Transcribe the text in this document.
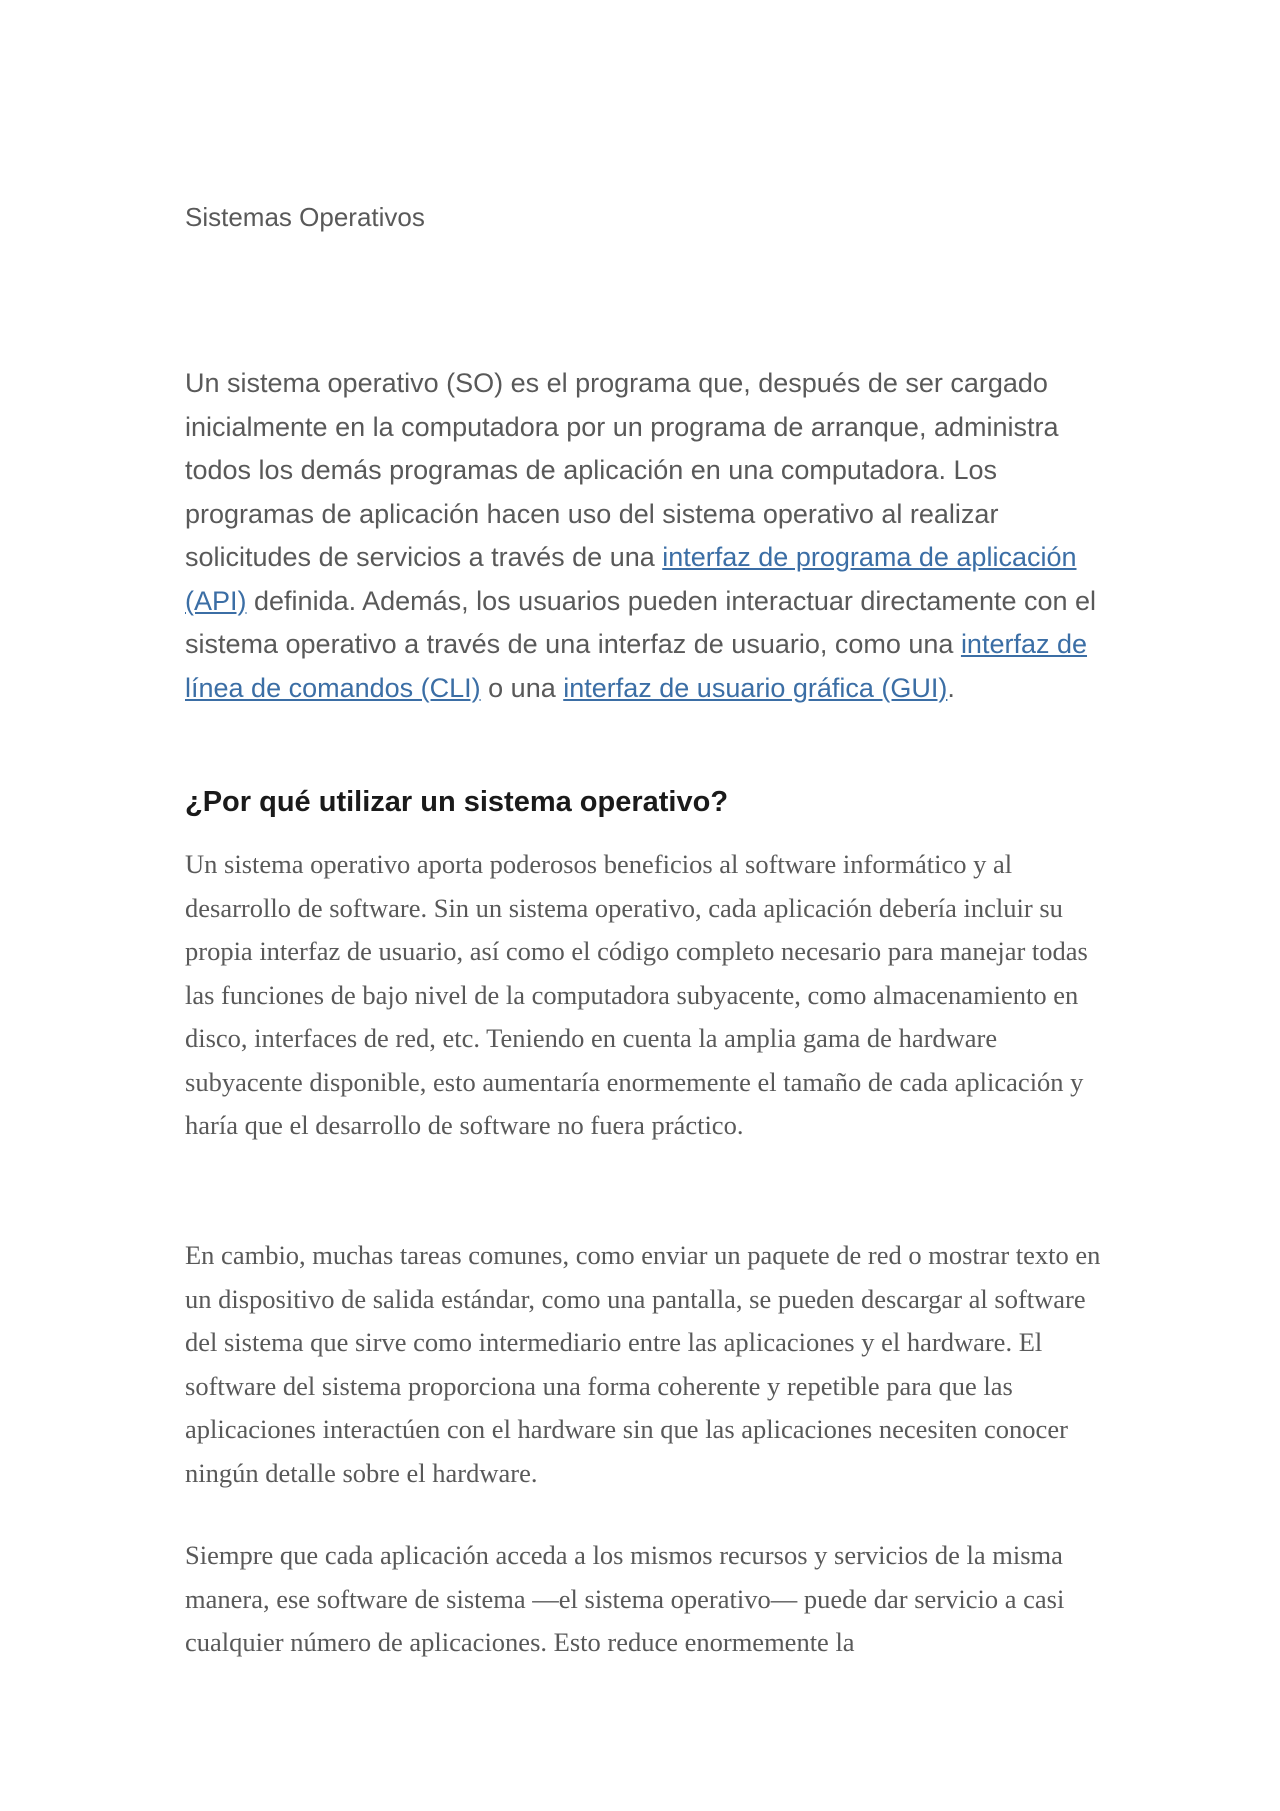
Sistemas Operativos

Un sistema operativo (SO) es el programa que, después de ser cargado inicialmente en la computadora por un programa de arranque, administra todos los demás programas de aplicación en una computadora. Los programas de aplicación hacen uso del sistema operativo al realizar solicitudes de servicios a través de una interfaz de programa de aplicación (API) definida. Además, los usuarios pueden interactuar directamente con el sistema operativo a través de una interfaz de usuario, como una interfaz de línea de comandos (CLI) o una interfaz de usuario gráfica (GUI).

¿Por qué utilizar un sistema operativo?

Un sistema operativo aporta poderosos beneficios al software informático y al desarrollo de software. Sin un sistema operativo, cada aplicación debería incluir su propia interfaz de usuario, así como el código completo necesario para manejar todas las funciones de bajo nivel de la computadora subyacente, como almacenamiento en disco, interfaces de red, etc. Teniendo en cuenta la amplia gama de hardware subyacente disponible, esto aumentaría enormemente el tamaño de cada aplicación y haría que el desarrollo de software no fuera práctico.

En cambio, muchas tareas comunes, como enviar un paquete de red o mostrar texto en un dispositivo de salida estándar, como una pantalla, se pueden descargar al software del sistema que sirve como intermediario entre las aplicaciones y el hardware. El software del sistema proporciona una forma coherente y repetible para que las aplicaciones interactúen con el hardware sin que las aplicaciones necesiten conocer ningún detalle sobre el hardware.

Siempre que cada aplicación acceda a los mismos recursos y servicios de la misma manera, ese software de sistema —el sistema operativo— puede dar servicio a casi cualquier número de aplicaciones. Esto reduce enormemente la
